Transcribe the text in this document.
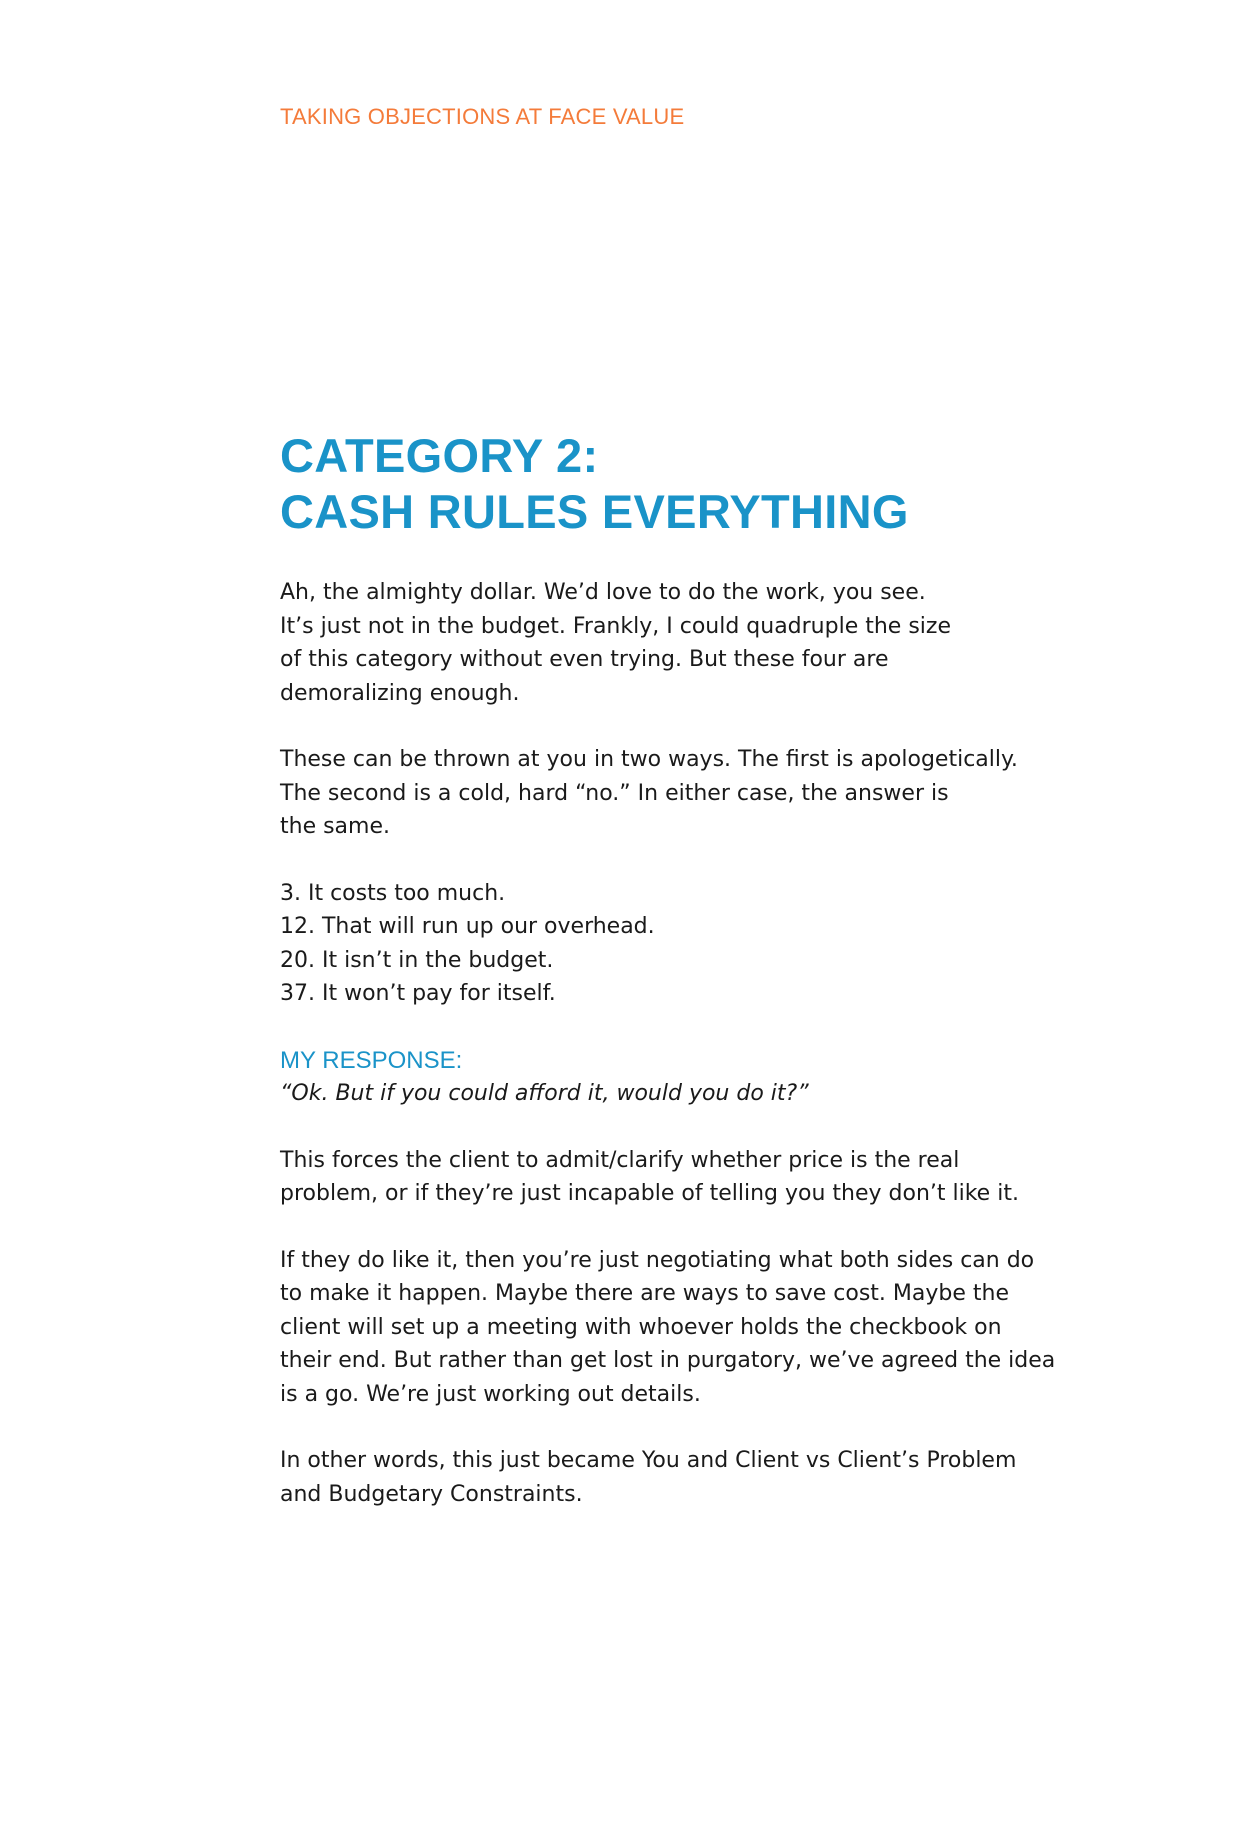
TAKING OBJECTIONS AT FACE VALUE

CATEGORY 2:
CASH RULES EVERYTHING

Ah, the almighty dollar. We’d love to do the work, you see.
It’s just not in the budget. Frankly, I could quadruple the size
of this category without even trying. But these four are
demoralizing enough.

These can be thrown at you in two ways. The first is apologetically.
The second is a cold, hard “no.” In either case, the answer is
the same.

3. It costs too much.
12. That will run up our overhead.
20. It isn’t in the budget.
37. It won’t pay for itself.

MY RESPONSE:

“Ok. But if you could afford it, would you do it?”

This forces the client to admit/clarify whether price is the real
problem, or if they’re just incapable of telling you they don’t like it.

If they do like it, then you’re just negotiating what both sides can do
to make it happen. Maybe there are ways to save cost. Maybe the
client will set up a meeting with whoever holds the checkbook on
their end. But rather than get lost in purgatory, we’ve agreed the idea
is a go. We’re just working out details.

In other words, this just became You and Client vs Client’s Problem
and Budgetary Constraints.
